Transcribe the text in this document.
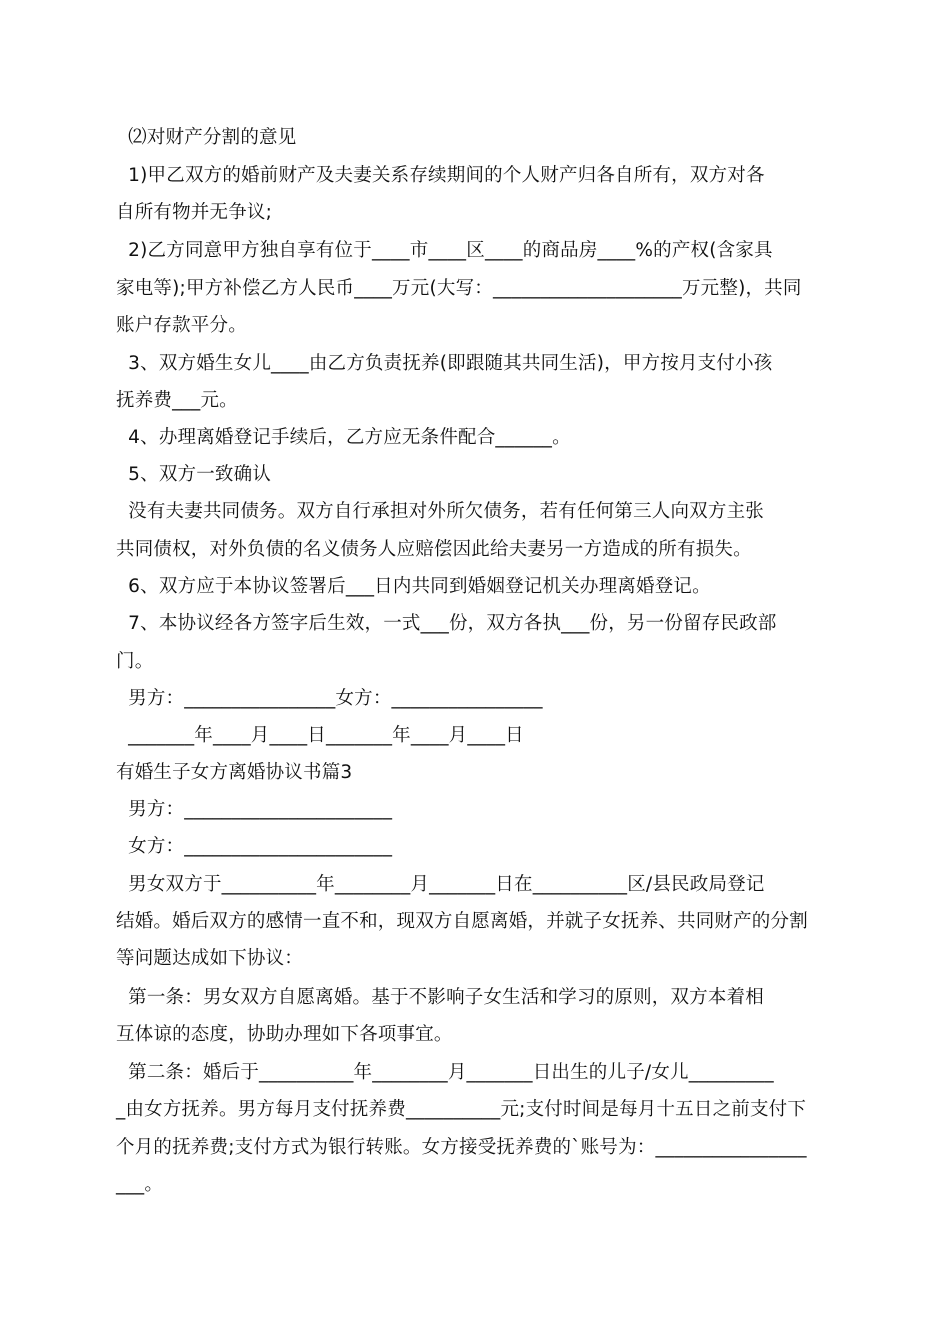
⑵对财产分割的意见
1)甲乙双方的婚前财产及夫妻关系存续期间的个人财产归各自所有，双方对各
自所有物并无争议;
2)乙方同意甲方独自享有位于____市____区____的商品房____%的产权(含家具
家电等);甲方补偿乙方人民币____万元(大写：____________________万元整)，共同
账户存款平分。
3、双方婚生女儿____由乙方负责抚养(即跟随其共同生活)，甲方按月支付小孩
抚养费___元。
4、办理离婚登记手续后，乙方应无条件配合______。
5、双方一致确认
没有夫妻共同债务。双方自行承担对外所欠债务，若有任何第三人向双方主张
共同债权，对外负债的名义债务人应赔偿因此给夫妻另一方造成的所有损失。
6、双方应于本协议签署后___日内共同到婚姻登记机关办理离婚登记。
7、本协议经各方签字后生效，一式___份，双方各执___份，另一份留存民政部
门。
男方：________________女方：________________
_______年____月____日_______年____月____日
有婚生子女方离婚协议书篇3
男方：______________________
女方：______________________
男女双方于__________年________月_______日在__________区/县民政局登记
结婚。婚后双方的感情一直不和，现双方自愿离婚，并就子女抚养、共同财产的分割
等问题达成如下协议：
第一条：男女双方自愿离婚。基于不影响子女生活和学习的原则，双方本着相
互体谅的态度，协助办理如下各项事宜。
第二条：婚后于__________年________月_______日出生的儿子/女儿_________
_由女方抚养。男方每月支付抚养费__________元;支付时间是每月十五日之前支付下
个月的抚养费;支付方式为银行转账。女方接受抚养费的`账号为：________________
___。
